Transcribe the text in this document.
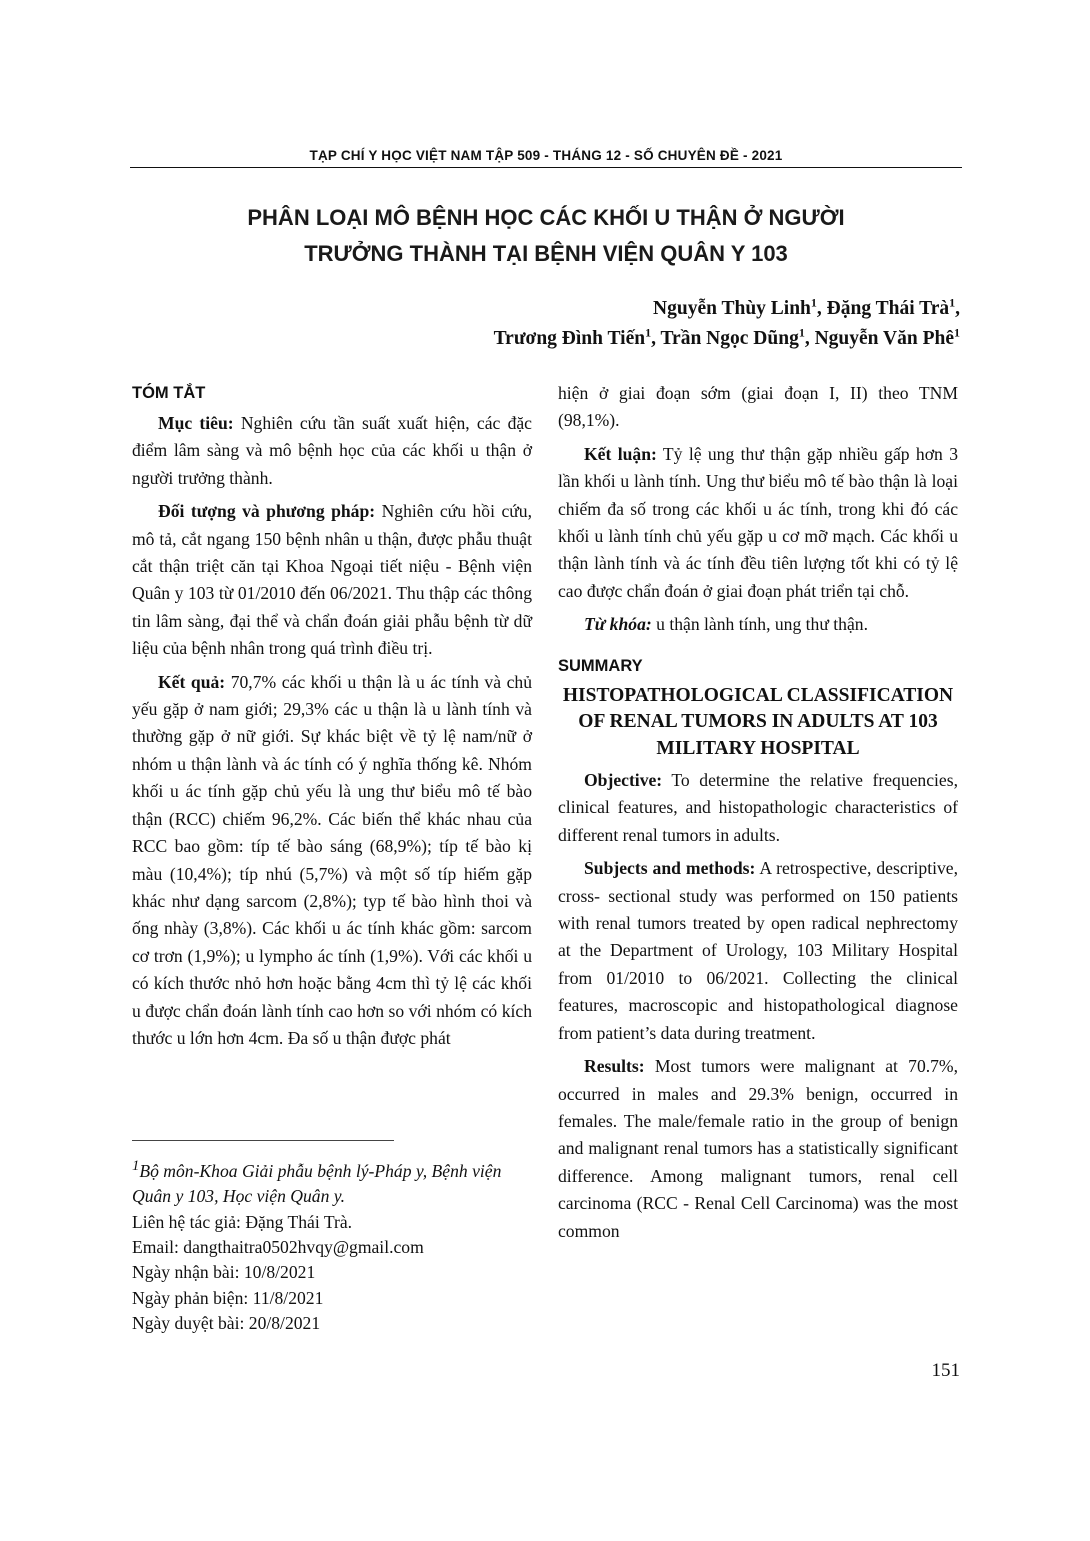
TẠP CHÍ Y HỌC VIỆT NAM TẬP 509 - THÁNG 12 - SỐ CHUYÊN ĐỀ - 2021
PHÂN LOẠI MÔ BỆNH HỌC CÁC KHỐI U THẬN Ở NGƯỜI
TRƯỞNG THÀNH TẠI BỆNH VIỆN QUÂN Y 103
Nguyễn Thùy Linh$^1$, Đặng Thái Trà$^1$,
Trương Đình Tiến$^1$, Trần Ngọc Dũng$^1$, Nguyễn Văn Phê$^1$
TÓM TẮT

Mục tiêu: Nghiên cứu tần suất xuất hiện, các đặc điểm lâm sàng và mô bệnh học của các khối u thận ở người trưởng thành.

Đối tượng và phương pháp: Nghiên cứu hồi cứu, mô tả, cắt ngang 150 bệnh nhân u thận, được phẫu thuật cắt thận triệt căn tại Khoa Ngoại tiết niệu - Bệnh viện Quân y 103 từ 01/2010 đến 06/2021. Thu thập các thông tin lâm sàng, đại thể và chẩn đoán giải phẫu bệnh từ dữ liệu của bệnh nhân trong quá trình điều trị.

Kết quả: 70,7% các khối u thận là u ác tính và chủ yếu gặp ở nam giới; 29,3% các u thận là u lành tính và thường gặp ở nữ giới. Sự khác biệt về tỷ lệ nam/nữ ở nhóm u thận lành và ác tính có ý nghĩa thống kê. Nhóm khối u ác tính gặp chủ yếu là ung thư biểu mô tế bào thận (RCC) chiếm 96,2%. Các biến thể khác nhau của RCC bao gồm: típ tế bào sáng (68,9%); típ tế bào kị màu (10,4%); típ nhú (5,7%) và một số típ hiếm gặp khác như dạng sarcom (2,8%); typ tế bào hình thoi và ống nhày (3,8%). Các khối u ác tính khác gồm: sarcom cơ trơn (1,9%); u lympho ác tính (1,9%). Với các khối u có kích thước nhỏ hơn hoặc bằng 4cm thì tỷ lệ các khối u được chẩn đoán lành tính cao hơn so với nhóm có kích thước u lớn hơn 4cm. Đa số u thận được phát

hiện ở giai đoạn sớm (giai đoạn I, II) theo TNM (98,1%).

Kết luận: Tỷ lệ ung thư thận gặp nhiều gấp hơn 3 lần khối u lành tính. Ung thư biểu mô tế bào thận là loại chiếm đa số trong các khối u ác tính, trong khi đó các khối u lành tính chủ yếu gặp u cơ mỡ mạch. Các khối u thận lành tính và ác tính đều tiên lượng tốt khi có tỷ lệ cao được chẩn đoán ở giai đoạn phát triển tại chỗ.

Từ khóa: u thận lành tính, ung thư thận.

SUMMARY
HISTOPATHOLOGICAL CLASSIFICATION OF RENAL TUMORS IN ADULTS AT 103 MILITARY HOSPITAL

Objective: To determine the relative frequencies, clinical features, and histopathologic characteristics of different renal tumors in adults.

Subjects and methods: A retrospective, descriptive, cross- sectional study was performed on 150 patients with renal tumors treated by open radical nephrectomy at the Department of Urology, 103 Military Hospital from 01/2010 to 06/2021. Collecting the clinical features, macroscopic and histopathological diagnose from patient’s data during treatment.

Results: Most tumors were malignant at 70.7%, occurred in males and 29.3% benign, occurred in females. The male/female ratio in the group of benign and malignant renal tumors has a statistically significant difference. Among malignant tumors, renal cell carcinoma (RCC - Renal Cell Carcinoma) was the most common

$^1$Bộ môn-Khoa Giải phẫu bệnh lý-Pháp y, Bệnh viện Quân y 103, Học viện Quân y.
Liên hệ tác giả: Đặng Thái Trà.
Email: dangthaitra0502hvqy@gmail.com
Ngày nhận bài: 10/8/2021
Ngày phản biện: 11/8/2021
Ngày duyệt bài: 20/8/2021
151
